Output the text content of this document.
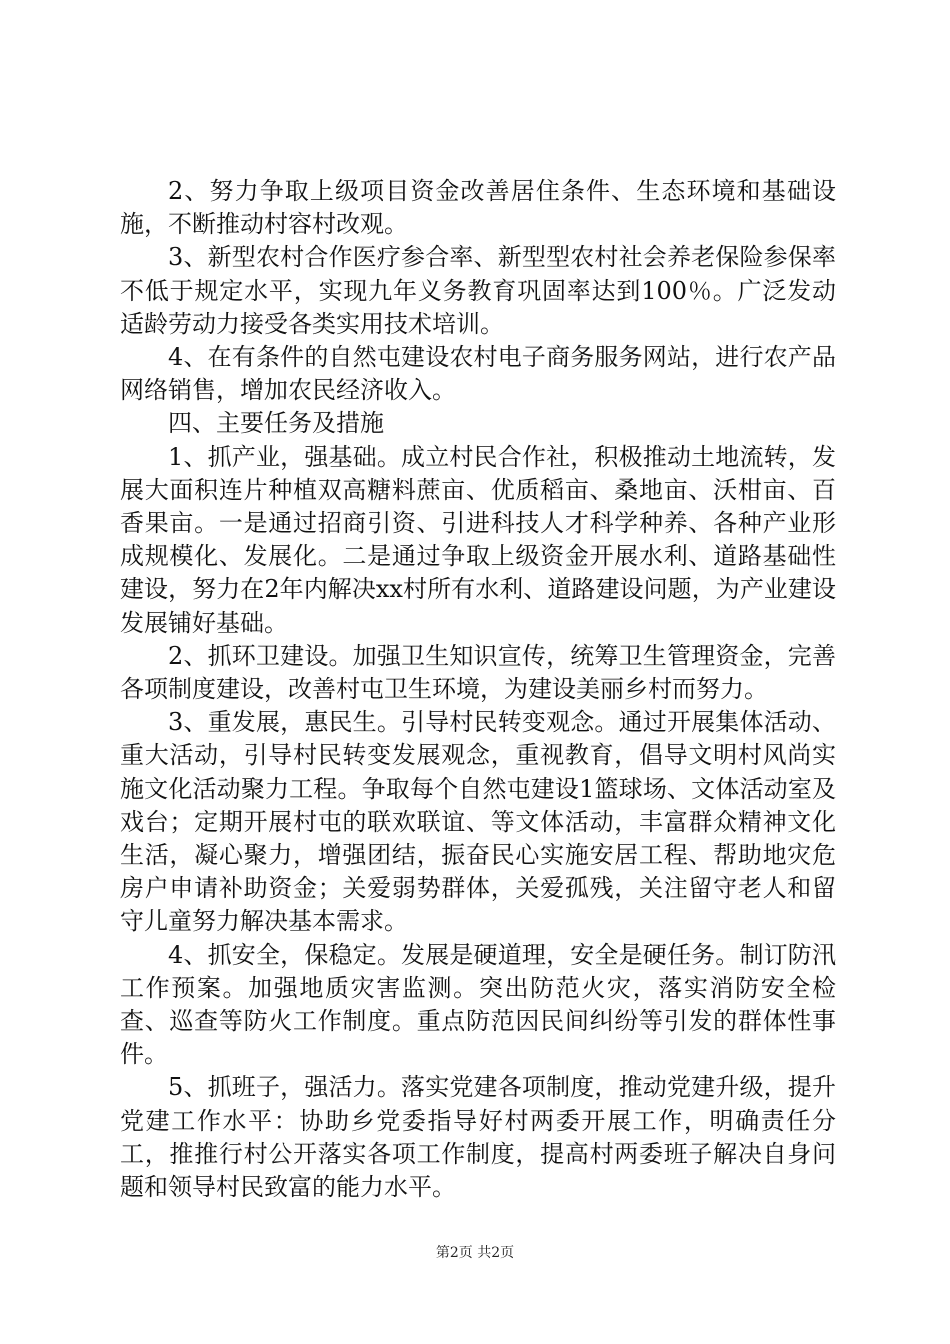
2、努力争取上级项目资金改善居住条件、生态环境和基础设施，不断推动村容村改观。

3、新型农村合作医疗参合率、新型型农村社会养老保险参保率不低于规定水平，实现九年义务教育巩固率达到100％。广泛发动适龄劳动力接受各类实用技术培训。

4、在有条件的自然屯建设农村电子商务服务网站，进行农产品网络销售，增加农民经济收入。

四、主要任务及措施

1、抓产业，强基础。成立村民合作社，积极推动土地流转，发展大面积连片种植双高糖料蔗亩、优质稻亩、桑地亩、沃柑亩、百香果亩。一是通过招商引资、引进科技人才科学种养、各种产业形成规模化、发展化。二是通过争取上级资金开展水利、道路基础性建设，努力在2年内解决xx村所有水利、道路建设问题，为产业建设发展铺好基础。

2、抓环卫建设。加强卫生知识宣传，统筹卫生管理资金，完善各项制度建设，改善村屯卫生环境，为建设美丽乡村而努力。

3、重发展，惠民生。引导村民转变观念。通过开展集体活动、重大活动，引导村民转变发展观念，重视教育，倡导文明村风尚实施文化活动聚力工程。争取每个自然屯建设1篮球场、文体活动室及戏台；定期开展村屯的联欢联谊、等文体活动，丰富群众精神文化生活，凝心聚力，增强团结，振奋民心实施安居工程、帮助地灾危房户申请补助资金；关爱弱势群体，关爱孤残，关注留守老人和留守儿童努力解决基本需求。

4、抓安全，保稳定。发展是硬道理，安全是硬任务。制订防汛工作预案。加强地质灾害监测。突出防范火灾，落实消防安全检查、巡查等防火工作制度。重点防范因民间纠纷等引发的群体性事件。

5、抓班子，强活力。落实党建各项制度，推动党建升级，提升党建工作水平：协助乡党委指导好村两委开展工作，明确责任分工，推推行村公开落实各项工作制度，提高村两委班子解决自身问题和领导村民致富的能力水平。

第2页 共2页
